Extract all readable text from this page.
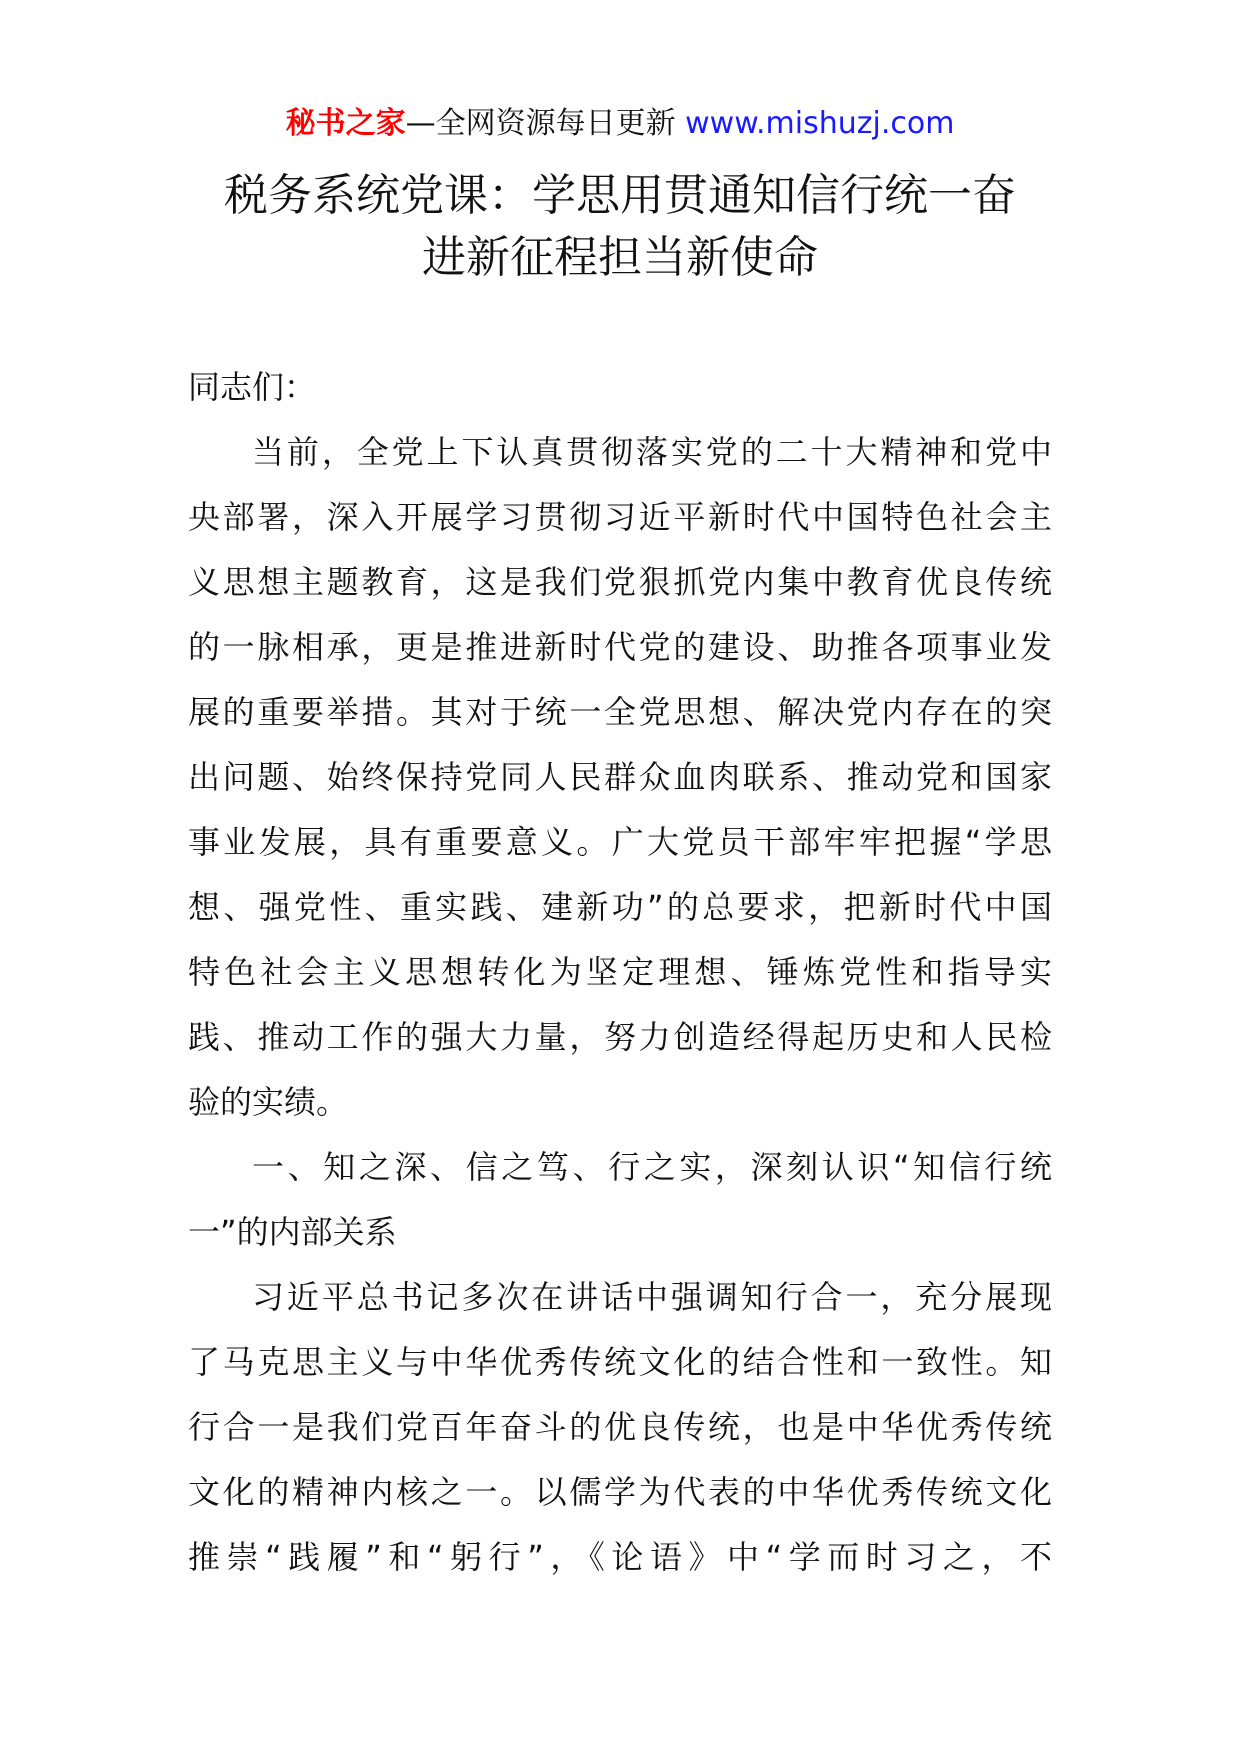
秘书之家—全网资源每日更新 www.mishuzj.com
税务系统党课：学思用贯通知信行统一奋
进新征程担当新使命

同志们：

当前，全党上下认真贯彻落实党的二十大精神和党中
央部署，深入开展学习贯彻习近平新时代中国特色社会主
义思想主题教育，这是我们党狠抓党内集中教育优良传统
的一脉相承，更是推进新时代党的建设、助推各项事业发
展的重要举措。其对于统一全党思想、解决党内存在的突
出问题、始终保持党同人民群众血肉联系、推动党和国家
事业发展，具有重要意义。广大党员干部牢牢把握“学思
想、强党性、重实践、建新功”的总要求，把新时代中国
特色社会主义思想转化为坚定理想、锤炼党性和指导实
践、推动工作的强大力量，努力创造经得起历史和人民检
验的实绩。

一、知之深、信之笃、行之实，深刻认识“知信行统
一”的内部关系

习近平总书记多次在讲话中强调知行合一，充分展现
了马克思主义与中华优秀传统文化的结合性和一致性。知
行合一是我们党百年奋斗的优良传统，也是中华优秀传统
文化的精神内核之一。以儒学为代表的中华优秀传统文化
推崇“践履”和“躬行”，《论语》中“学而时习之，不
